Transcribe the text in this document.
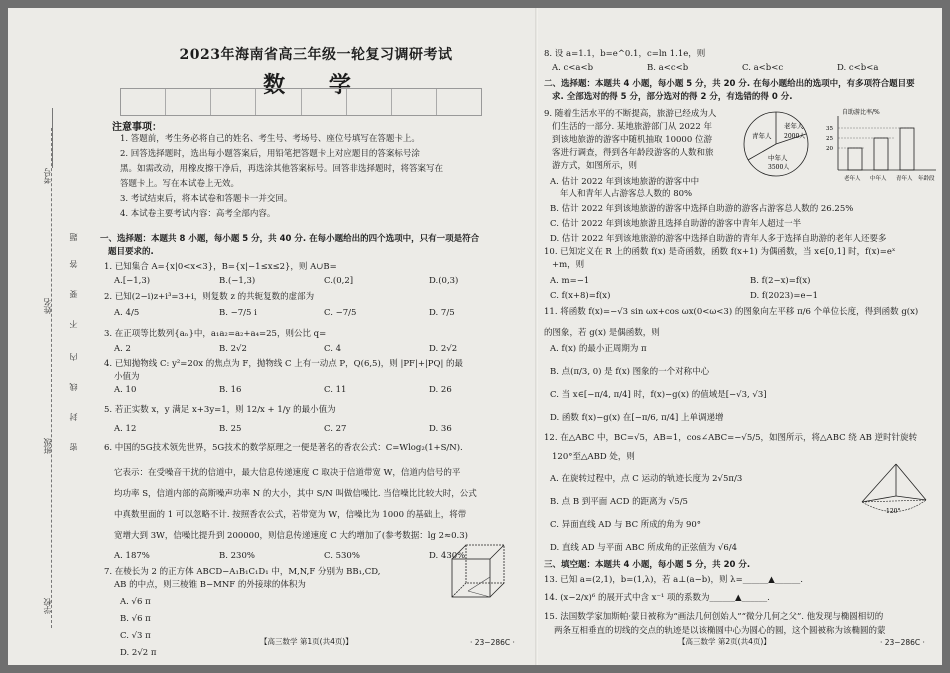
考号
姓名
班级
学校
题
答
要
不
内
线
封
密
2023年海南省高三年级一轮复习调研考试
数 学
注意事项：
1. 答题前，考生务必将自己的姓名、考生号、考场号、座位号填写在答题卡上。
2. 回答选择题时，选出每小题答案后，用铅笔把答题卡上对应题目的答案标号涂
黑。如需改动，用橡皮擦干净后，再选涂其他答案标号。回答非选择题时，将答案写在
答题卡上。写在本试卷上无效。
3. 考试结束后，将本试卷和答题卡一并交回。
4. 本试卷主要考试内容：高考全部内容。
一、选择题：本题共 8 小题，每小题 5 分，共 40 分. 在每小题给出的四个选项中，只有一项是符合
题目要求的.
1. 已知集合 A={x|0<x<3}，B={x|−1≤x≤2}，则 A∪B=
A.[−1,3)	B.(−1,3)	C.(0,2]	D.(0,3)
2. 已知(2−i)z+i³=3+i，则复数 z 的共轭复数的虚部为
A. 4/5	B. −7/5 i	C. −7/5	D. 7/5
3. 在正项等比数列{aₙ}中，a₁a₂=a₂+a₄=25，则公比 q=
A. 2	B. 2√2	C. 4	D. 2√2
4. 已知抛物线 C: y²=20x 的焦点为 F，抛物线 C 上有一动点 P，Q(6,5)，则 |PF|+|PQ| 的最
小值为
A. 10	B. 16	C. 11	D. 26
5. 若正实数 x，y 满足 x+3y=1，则 12/x + 1/y 的最小值为
A. 12	B. 25	C. 27	D. 36
6. 中国的5G技术领先世界，5G技术的数学原理之一便是著名的香农公式：C=Wlog₂(1+S/N).
它表示：在受噪音干扰的信道中，最大信息传递速度 C 取决于信道带宽 W，信道内信号的平
均功率 S，信道内部的高斯噪声功率 N 的大小，其中 S/N 叫做信噪比. 当信噪比比较大时，公式
中真数里面的 1 可以忽略不计. 按照香农公式，若带宽为 W，信噪比为 1000 的基础上，将带
宽增大到 3W，信噪比提升到 200000，则信息传递速度 C 大约增加了(参考数据：lg 2≈0.3)
A. 187%	B. 230%	C. 530%	D. 430%
7. 在棱长为 2 的正方体 ABCD−A₁B₁C₁D₁ 中，M,N,F 分别为 BB₁,CD,
AB 的中点，则三棱锥 B−MNF 的外接球的体积为
A. √6 π
B. √6 π
C. √3 π
D. 2√2 π
【高三数学 第1页(共4页)】	· 23−286C ·
8. 设 a=1.1，b=e^0.1，c=ln 1.1e，则
A. c<a<b	B. a<c<b	C. a<b<c	D. c<b<a
二、选择题：本题共 4 小题，每小题 5 分，共 20 分. 在每小题给出的选项中，有多项符合题目要
求. 全部选对的得 5 分，部分选对的得 2 分，有选错的得 0 分.
9. 随着生活水平的不断提高，旅游已经成为人
们生活的一部分. 某地旅游部门从 2022 年
到该地旅游的游客中随机抽取 10000 位游
客进行调查，得到各年龄段游客的人数和旅
游方式，如图所示，则
青年人
老年人
2000人
中年人
3500人
自助游比率/%
35
25
20
老年人 中年人 青年人 年龄段
A. 估计 2022 年到该地旅游的游客中中
年人和青年人占游客总人数的 80%
B. 估计 2022 年到该地旅游的游客中选择自助游的游客占游客总人数的 26.25%
C. 估计 2022 年到该地旅游且选择自助游的游客中青年人超过一半
D. 估计 2022 年到该地旅游的游客中选择自助游的青年人多于选择自助游的老年人还要多
10. 已知定义在 R 上的函数 f(x) 是奇函数，函数 f(x+1) 为偶函数，当 x∈[0,1] 时，f(x)=eˣ
+m，则
A. m=−1	B. f(2−x)=f(x)
C. f(x+8)=f(x)	D. f(2023)=e−1
11. 将函数 f(x)=−√3 sin ωx+cos ωx(0<ω<3) 的图象向左平移 π/6 个单位长度，得到函数 g(x)
的图象，若 g(x) 是偶函数，则
A. f(x) 的最小正周期为 π
B. 点(π/3, 0) 是 f(x) 图象的一个对称中心
C. 当 x∈[−π/4, π/4] 时，f(x)−g(x) 的值域是[−√3, √3]
D. 函数 f(x)−g(x) 在[−π/6, π/4] 上单调递增
12. 在△ABC 中，BC=√5，AB=1，cos∠ABC=−√5/5，如图所示，将△ABC 绕 AB 逆时针旋转
120°至△ABD 处，则
A. 在旋转过程中，点 C 运动的轨迹长度为 2√5π/3
B. 点 B 到平面 ACD 的距离为 √5/5
C. 异面直线 AD 与 BC 所成的角为 90°
D. 直线 AD 与平面 ABC 所成角的正弦值为 √6/4
120°
三、填空题：本题共 4 小题，每小题 5 分，共 20 分.
13. 已知 a=(2,1)，b=(1,λ)，若 a⊥(a−b)，则 λ=______▲______.
14. (x−2/x)⁶ 的展开式中含 x⁻¹ 项的系数为______▲______.
15. 法国数学家加斯帕·蒙日被称为“画法几何创始人”“微分几何之父”. 他发现与椭圆相切的
两条互相垂直的切线的交点的轨迹是以该椭圆中心为圆心的圆，这个圆被称为该椭圆的蒙
【高三数学 第2页(共4页)】	· 23−286C ·
